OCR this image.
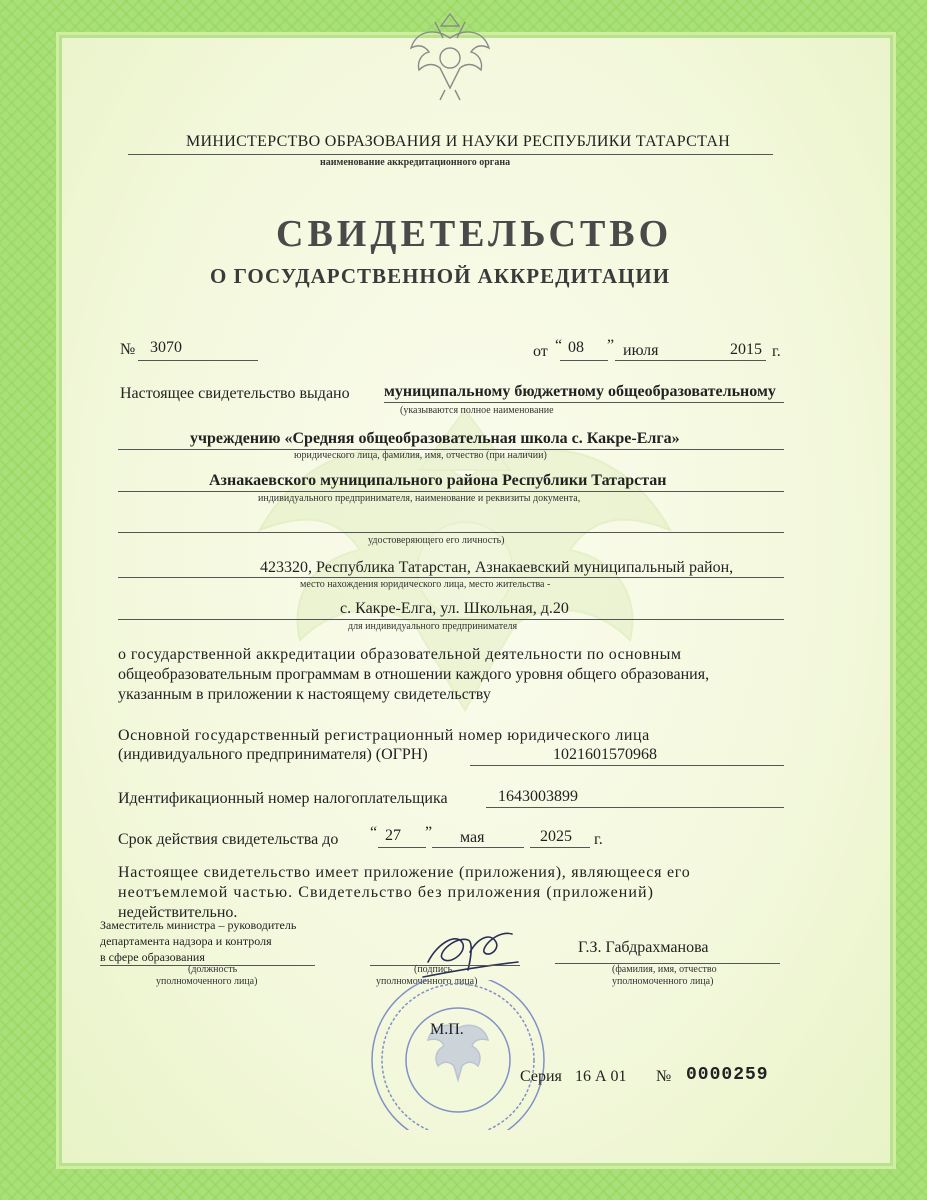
МИНИСТЕРСТВО ОБРАЗОВАНИЯ И НАУКИ РЕСПУБЛИКИ ТАТАРСТАН
наименование аккредитационного органа
СВИДЕТЕЛЬСТВО
О ГОСУДАРСТВЕННОЙ АККРЕДИТАЦИИ
№ 3070	от “ 08 ” июля	2015 г.
Настоящее свидетельство выдано муниципальному бюджетному общеобразовательному
(указываются полное наименование
учреждению «Средняя общеобразовательная школа с. Какре-Елга»
юридического лица, фамилия, имя, отчество (при наличии)
Азнакаевского муниципального района Республики Татарстан
индивидуального предпринимателя, наименование и реквизиты документа,
удостоверяющего его личность)
423320, Республика Татарстан, Азнакаевский муниципальный район,
место нахождения юридического лица, место жительства -
с. Какре-Елга, ул. Школьная, д.20
для индивидуального предпринимателя
о государственной аккредитации образовательной деятельности по основным
общеобразовательным программам в отношении каждого уровня общего образования,
указанным в приложении к настоящему свидетельству
Основной государственный регистрационный номер юридического лица
(индивидуального предпринимателя) (ОГРН)	1021601570968
Идентификационный номер налогоплательщика	1643003899
Срок действия свидетельства до “ 27 ” мая	2025 г.
Настоящее свидетельство имеет приложение (приложения), являющееся его
неотъемлемой частью. Свидетельство без приложения (приложений)
недействительно.
Заместитель министра – руководитель
департамента надзора и контроля
в сфере образования
(должность
уполномоченного лица)
(подпись
уполномоченного лица)
Г.З. Габдрахманова
(фамилия, имя, отчество
уполномоченного лица)
М.П.
Серия 16 А 01 № 0000259
